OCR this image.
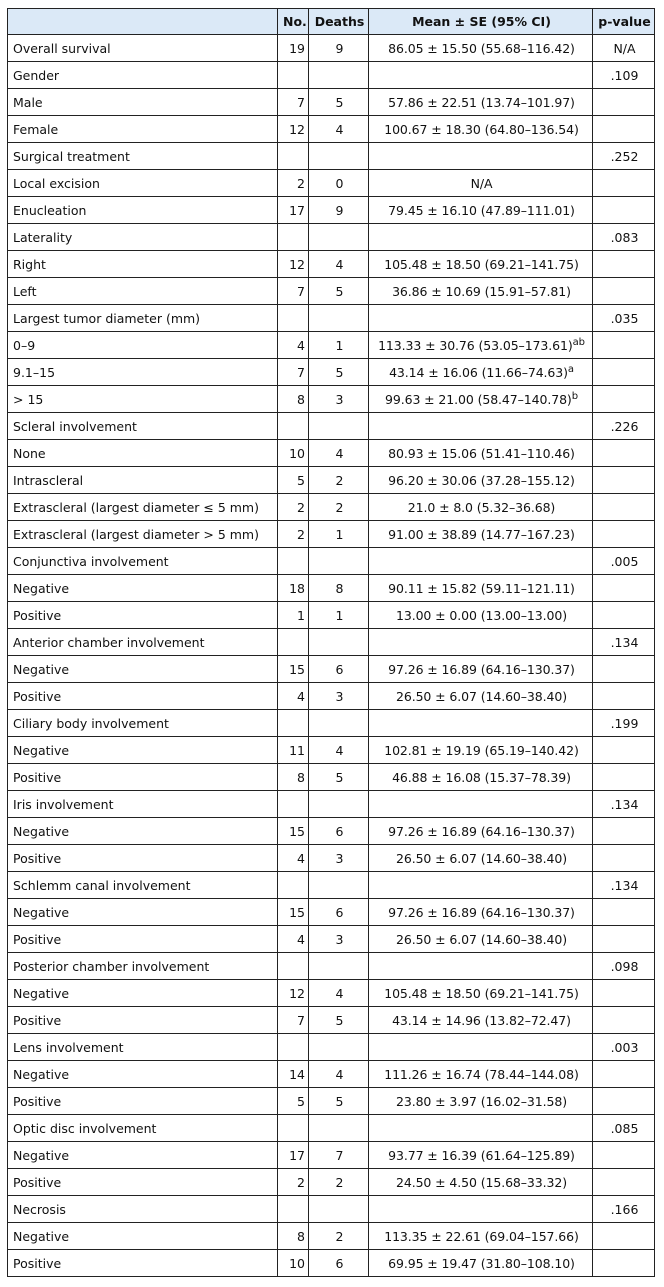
	No.	Deaths	Mean ± SE (95% CI)	p-value
Overall survival	19	9	86.05 ± 15.50 (55.68–116.42)	N/A
Gender				.109
Male	7	5	57.86 ± 22.51 (13.74–101.97)	
Female	12	4	100.67 ± 18.30 (64.80–136.54)	
Surgical treatment				.252
Local excision	2	0	N/A	
Enucleation	17	9	79.45 ± 16.10 (47.89–111.01)	
Laterality				.083
Right	12	4	105.48 ± 18.50 (69.21–141.75)	
Left	7	5	36.86 ± 10.69 (15.91–57.81)	
Largest tumor diameter (mm)				.035
0–9	4	1	113.33 ± 30.76 $(53.05-173.61)^{ab}$	
9.1–15	7	5	43.14 ± 16.06 $(11.66-74.63)^a$	
> 15	8	3	99.63 ± 21.00 $(58.47-140.78)^b$	
Scleral involvement				.226
None	10	4	80.93 ± 15.06 (51.41–110.46)	
Intrascleral	5	2	96.20 ± 30.06 (37.28–155.12)	
Extrascleral (largest diameter ≤ 5 mm)	2	2	21.0 ± 8.0 (5.32–36.68)	
Extrascleral (largest diameter > 5 mm)	2	1	91.00 ± 38.89 (14.77–167.23)	
Conjunctiva involvement				.005
Negative	18	8	90.11 ± 15.82 (59.11–121.11)	
Positive	1	1	13.00 ± 0.00 (13.00–13.00)	
Anterior chamber involvement				.134
Negative	15	6	97.26 ± 16.89 (64.16–130.37)	
Positive	4	3	26.50 ± 6.07 (14.60–38.40)	
Ciliary body involvement				.199
Negative	11	4	102.81 ± 19.19 (65.19–140.42)	
Positive	8	5	46.88 ± 16.08 (15.37–78.39)	
Iris involvement				.134
Negative	15	6	97.26 ± 16.89 (64.16–130.37)	
Positive	4	3	26.50 ± 6.07 (14.60–38.40)	
Schlemm canal involvement				.134
Negative	15	6	97.26 ± 16.89 (64.16–130.37)	
Positive	4	3	26.50 ± 6.07 (14.60–38.40)	
Posterior chamber involvement				.098
Negative	12	4	105.48 ± 18.50 (69.21–141.75)	
Positive	7	5	43.14 ± 14.96 (13.82–72.47)	
Lens involvement				.003
Negative	14	4	111.26 ± 16.74 (78.44–144.08)	
Positive	5	5	23.80 ± 3.97 (16.02–31.58)	
Optic disc involvement				.085
Negative	17	7	93.77 ± 16.39 (61.64–125.89)	
Positive	2	2	24.50 ± 4.50 (15.68–33.32)	
Necrosis				.166
Negative	8	2	113.35 ± 22.61 (69.04–157.66)	
Positive	10	6	69.95 ± 19.47 (31.80–108.10)	
